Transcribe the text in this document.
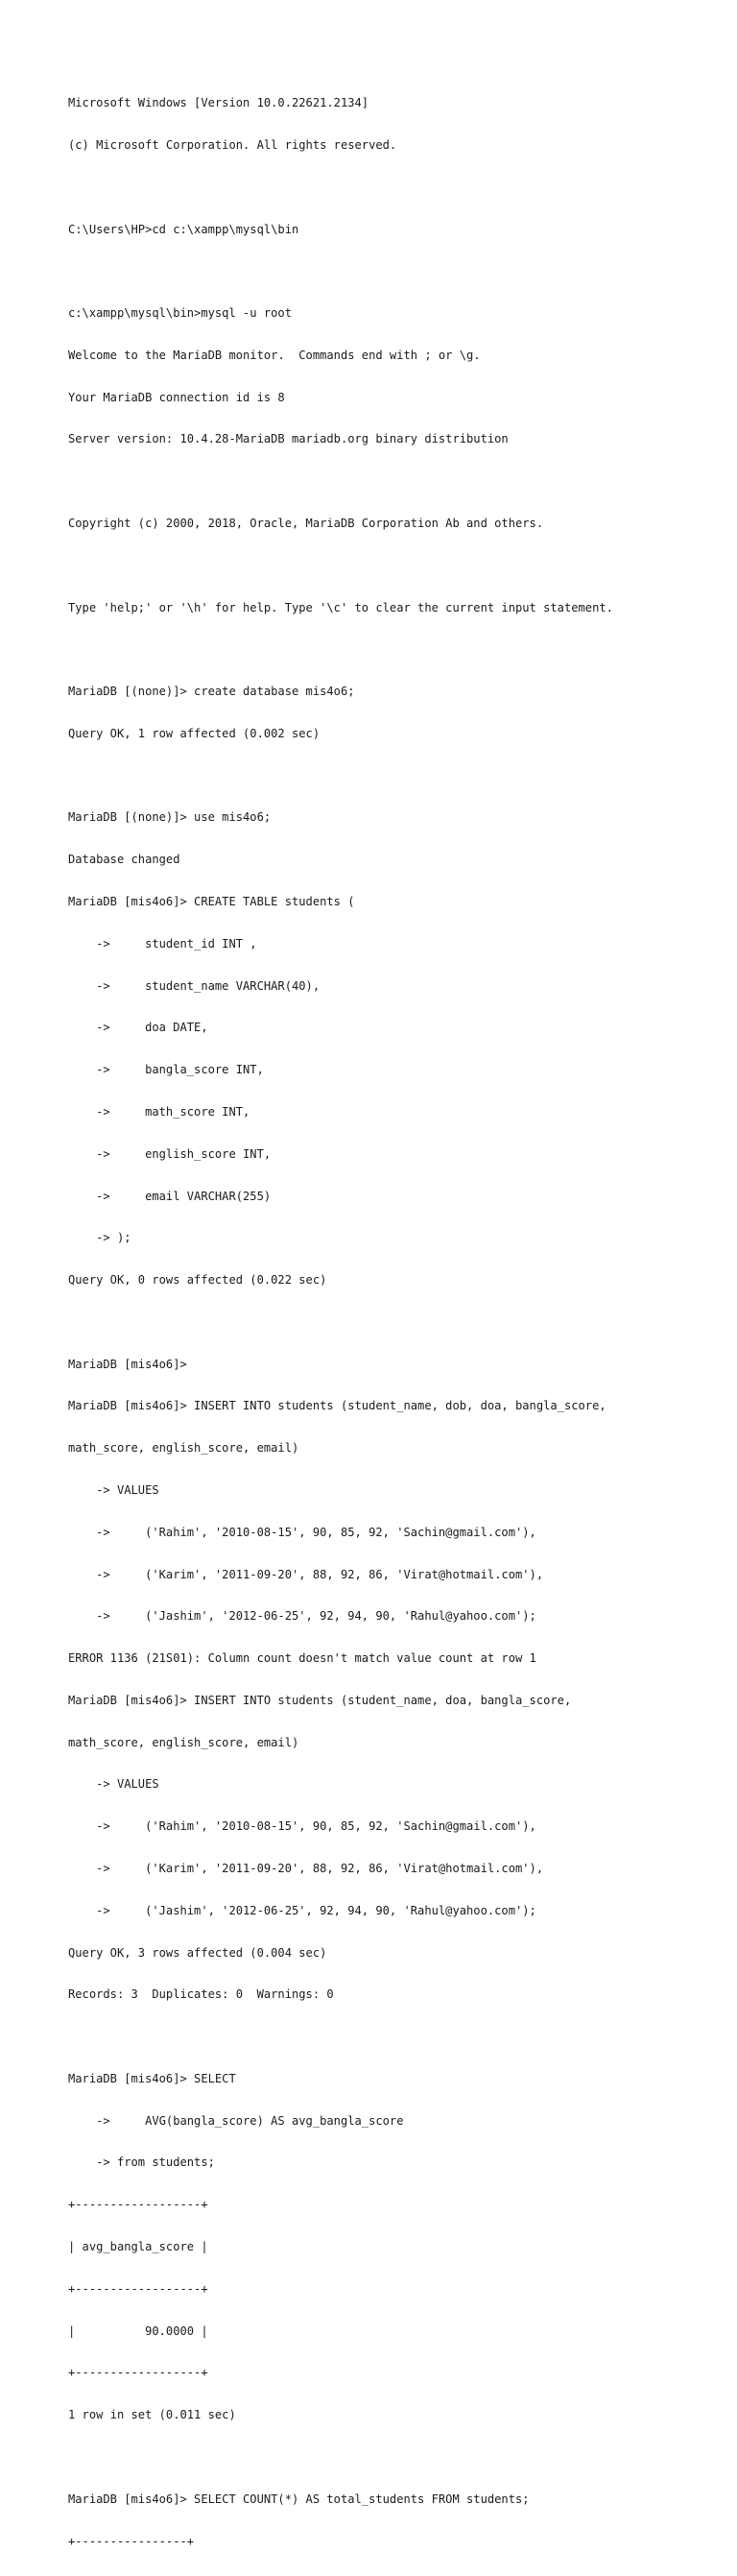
Microsoft Windows [Version 10.0.22621.2134]

(c) Microsoft Corporation. All rights reserved.

C:\Users\HP>cd c:\xampp\mysql\bin

c:\xampp\mysql\bin>mysql -u root

Welcome to the MariaDB monitor.  Commands end with ; or \g.

Your MariaDB connection id is 8

Server version: 10.4.28-MariaDB mariadb.org binary distribution

Copyright (c) 2000, 2018, Oracle, MariaDB Corporation Ab and others.

Type 'help;' or '\h' for help. Type '\c' to clear the current input statement.

MariaDB [(none)]> create database mis4o6;

Query OK, 1 row affected (0.002 sec)

MariaDB [(none)]> use mis4o6;

Database changed

MariaDB [mis4o6]> CREATE TABLE students (

->     student_id INT ,

->     student_name VARCHAR(40),

->     doa DATE,

->     bangla_score INT,

->     math_score INT,

->     english_score INT,

->     email VARCHAR(255)

-> );

Query OK, 0 rows affected (0.022 sec)

MariaDB [mis4o6]>

MariaDB [mis4o6]> INSERT INTO students (student_name, dob, doa, bangla_score,

math_score, english_score, email)

-> VALUES

->     ('Rahim', '2010-08-15', 90, 85, 92, 'Sachin@gmail.com'),

->     ('Karim', '2011-09-20', 88, 92, 86, 'Virat@hotmail.com'),

->     ('Jashim', '2012-06-25', 92, 94, 90, 'Rahul@yahoo.com');

ERROR 1136 (21S01): Column count doesn't match value count at row 1

MariaDB [mis4o6]> INSERT INTO students (student_name, doa, bangla_score,

math_score, english_score, email)

-> VALUES

->     ('Rahim', '2010-08-15', 90, 85, 92, 'Sachin@gmail.com'),

->     ('Karim', '2011-09-20', 88, 92, 86, 'Virat@hotmail.com'),

->     ('Jashim', '2012-06-25', 92, 94, 90, 'Rahul@yahoo.com');

Query OK, 3 rows affected (0.004 sec)

Records: 3  Duplicates: 0  Warnings: 0

MariaDB [mis4o6]> SELECT

->     AVG(bangla_score) AS avg_bangla_score

-> from students;

+------------------+

| avg_bangla_score |

+------------------+

|          90.0000 |

+------------------+

1 row in set (0.011 sec)

MariaDB [mis4o6]> SELECT COUNT(*) AS total_students FROM students;

+----------------+
